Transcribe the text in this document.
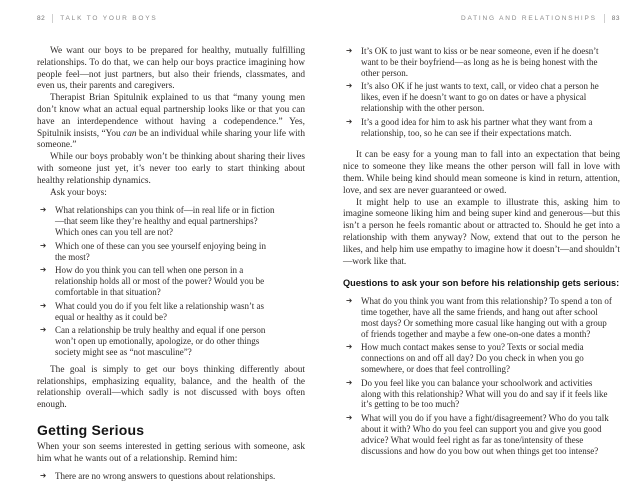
82 TALK TO YOUR BOYS

We want our boys to be prepared for healthy, mutually fulfilling relationships. To do that, we can help our boys practice imagining how people feel—not just partners, but also their friends, classmates, and even us, their parents and caregivers.

Therapist Brian Spitulnik explained to us that “many young men don’t know what an actual equal partnership looks like or that you can have an interdependence without having a codependence.” Yes, Spitulnik insists, “You can be an individual while sharing your life with someone.”

While our boys probably won’t be thinking about sharing their lives with someone just yet, it’s never too early to start thinking about healthy relationship dynamics.

Ask your boys:

➔ What relationships can you think of—in real life or in fiction—that seem like they’re healthy and equal partnerships? Which ones can you tell are not?
➔ Which one of these can you see yourself enjoying being in the most?
➔ How do you think you can tell when one person in a relationship holds all or most of the power? Would you be comfortable in that situation?
➔ What could you do if you felt like a relationship wasn’t as equal or healthy as it could be?
➔ Can a relationship be truly healthy and equal if one person won’t open up emotionally, apologize, or do other things society might see as “not masculine”?

The goal is simply to get our boys thinking differently about relationships, emphasizing equality, balance, and the health of the relationship overall—which sadly is not discussed with boys often enough.

Getting Serious

When your son seems interested in getting serious with someone, ask him what he wants out of a relationship. Remind him:

➔ There are no wrong answers to questions about relationships.
DATING AND RELATIONSHIPS 83
➔ It’s OK to just want to kiss or be near someone, even if he doesn’t want to be their boyfriend—as long as he is being honest with the other person.
➔ It’s also OK if he just wants to text, call, or video chat a person he likes, even if he doesn’t want to go on dates or have a physical relationship with the other person.
➔ It’s a good idea for him to ask his partner what they want from a relationship, too, so he can see if their expectations match.

It can be easy for a young man to fall into an expectation that being nice to someone they like means the other person will fall in love with them. While being kind should mean someone is kind in return, attention, love, and sex are never guaranteed or owed.

It might help to use an example to illustrate this, asking him to imagine someone liking him and being super kind and generous—but this isn’t a person he feels romantic about or attracted to. Should he get into a relationship with them anyway? Now, extend that out to the person he likes, and help him use empathy to imagine how it doesn’t—and shouldn’t—work like that.

Questions to ask your son before his relationship gets serious:
➔ What do you think you want from this relationship? To spend a ton of time together, have all the same friends, and hang out after school most days? Or something more casual like hanging out with a group of friends together and maybe a few one-on-one dates a month?
➔ How much contact makes sense to you? Texts or social media connections on and off all day? Do you check in when you go somewhere, or does that feel controlling?
➔ Do you feel like you can balance your schoolwork and activities along with this relationship? What will you do and say if it feels like it’s getting to be too much?
➔ What will you do if you have a fight/disagreement? Who do you talk about it with? Who do you feel can support you and give you good advice? What would feel right as far as tone/intensity of these discussions and how do you bow out when things get too intense?
